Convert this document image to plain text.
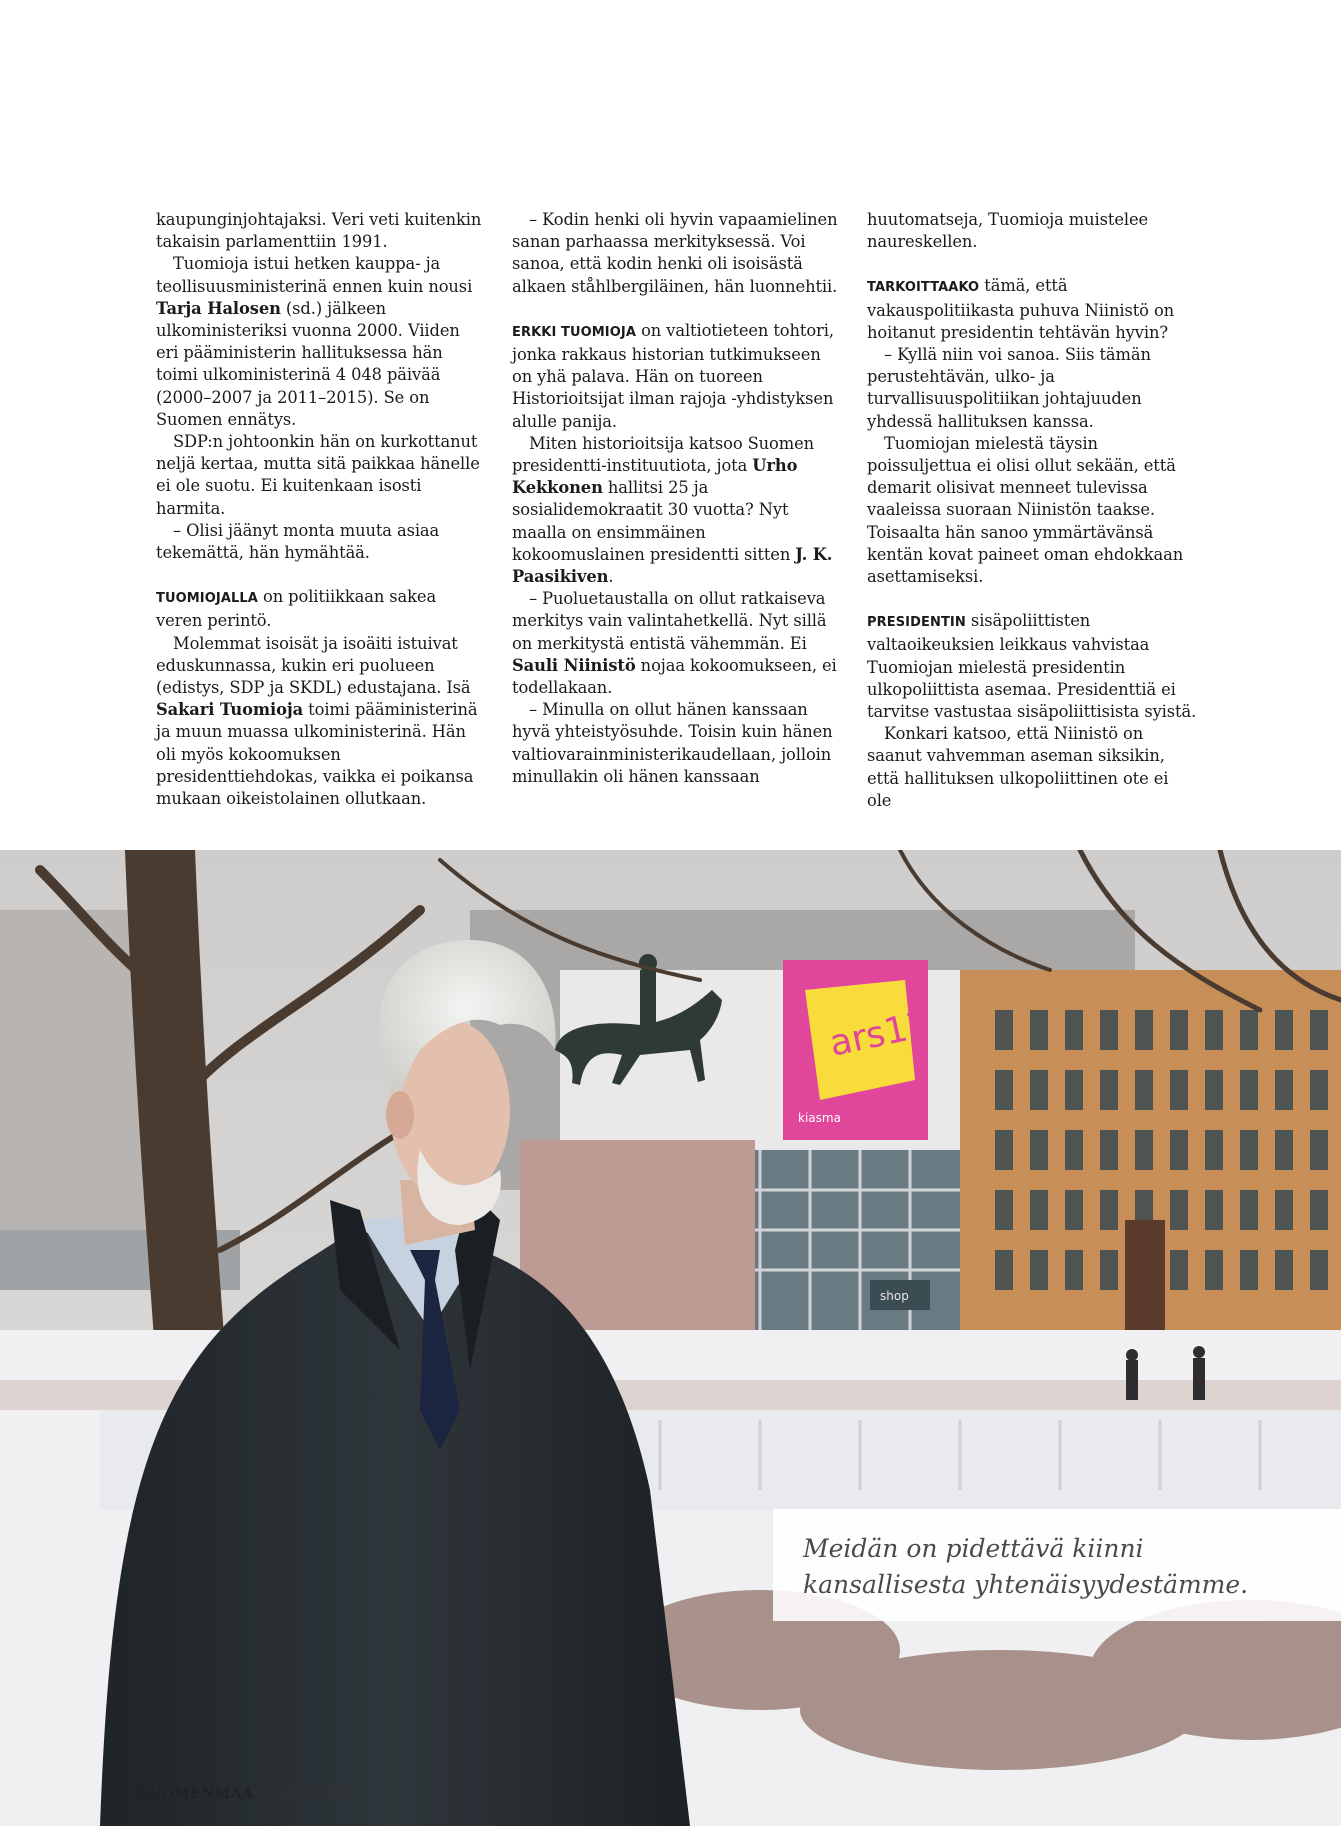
kaupunginjohtajaksi. Veri veti kuitenkin takaisin parlamenttiin 1991.

Tuomioja istui hetken kauppa- ja teollisuusministerinä ennen kuin nousi Tarja Halosen (sd.) jälkeen ulkoministeriksi vuonna 2000. Viiden eri pääministerin hallituksessa hän toimi ulkoministerinä 4 048 päivää (2000–2007 ja 2011–2015). Se on Suomen ennätys.

SDP:n johtoonkin hän on kurkottanut neljä kertaa, mutta sitä paikkaa hänelle ei ole suotu. Ei kuitenkaan isosti harmita.

– Olisi jäänyt monta muuta asiaa tekemättä, hän hymähtää.

TUOMIOJALLA on politiikkaan sakea veren perintö.

Molemmat isoisät ja isoäiti istuivat eduskunnassa, kukin eri puolueen (edistys, SDP ja SKDL) edustajana. Isä Sakari Tuomioja toimi pääministerinä ja muun muassa ulkoministerinä. Hän oli myös kokoomuksen presidenttiehdokas, vaikka ei poikansa mukaan oikeistolainen ollutkaan.

– Kodin henki oli hyvin vapaamielinen sanan parhaassa merkityksessä. Voi sanoa, että kodin henki oli isoisästä alkaen ståhlbergiläinen, hän luonnehtii.

ERKKI TUOMIOJA on valtiotieteen tohtori, jonka rakkaus historian tutkimukseen on yhä palava. Hän on tuoreen Historioitsijat ilman rajoja -yhdistyksen alulle panija.

Miten historioitsija katsoo Suomen presidentti-instituutiota, jota Urho Kekkonen hallitsi 25 ja sosialidemokraatit 30 vuotta? Nyt maalla on ensimmäinen kokoomuslainen presidentti sitten J. K. Paasikiven.

– Puoluetaustalla on ollut ratkaiseva merkitys vain valintahetkellä. Nyt sillä on merkitystä entistä vähemmän. Ei Sauli Niinistö nojaa kokoomukseen, ei todellakaan.

– Minulla on ollut hänen kanssaan hyvä yhteistyösuhde. Toisin kuin hänen valtiovarainministerikaudellaan, jolloin minullakin oli hänen kanssaan

huutomatseja, Tuomioja muistelee naureskellen.

TARKOITTAAKO tämä, että vakauspolitiikasta puhuva Niinistö on hoitanut presidentin tehtävän hyvin?

– Kyllä niin voi sanoa. Siis tämän perustehtävän, ulko- ja turvallisuuspolitiikan johtajuuden yhdessä hallituksen kanssa.

Tuomiojan mielestä täysin poissuljettua ei olisi ollut sekään, että demarit olisivat menneet tulevissa vaaleissa suoraan Niinistön taakse. Toisaalta hän sanoo ymmärtävänsä kentän kovat paineet oman ehdokkaan asettamiseksi.

PRESIDENTIN sisäpoliittisten valtaoikeuksien leikkaus vahvistaa Tuomiojan mielestä presidentin ulkopoliittista asemaa. Presidenttiä ei tarvitse vastustaa sisäpoliittisista syistä.

Konkari katsoo, että Niinistö on saanut vahvemman aseman siksikin, että hallituksen ulkopoliittinen ote ei ole

shop
ars17
kiasma

Meidän on pidettävä kiinni
kansallisesta yhtenäisyydestämme.

20 SUOMENMAA 24.3.2017
